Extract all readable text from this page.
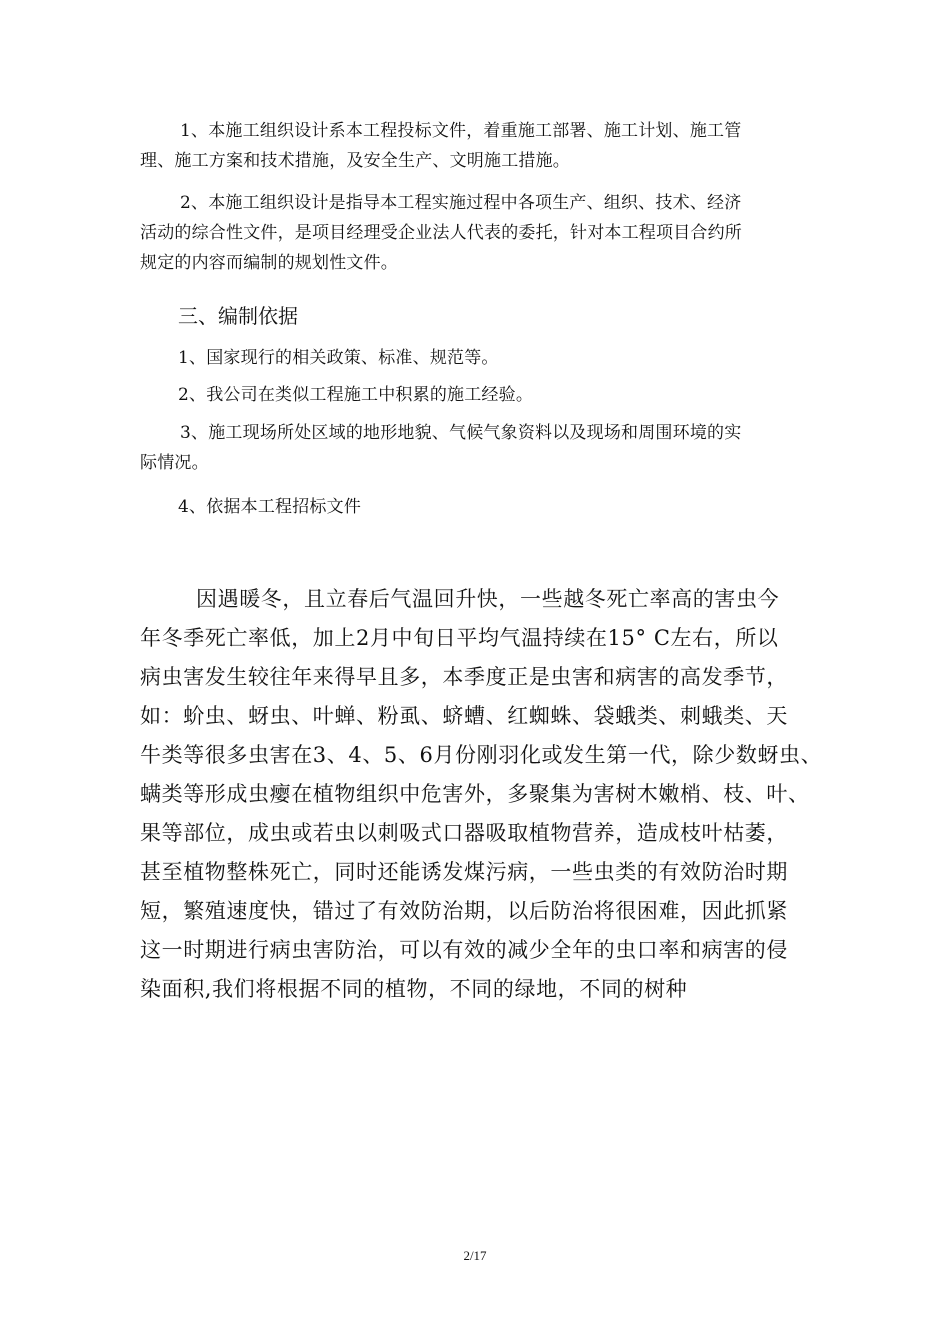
1、本施工组织设计系本工程投标文件，着重施工部署、施工计划、施工管
理、施工方案和技术措施，及安全生产、文明施工措施。

2、本施工组织设计是指导本工程实施过程中各项生产、组织、技术、经济
活动的综合性文件，是项目经理受企业法人代表的委托，针对本工程项目合约所
规定的内容而编制的规划性文件。

三、编制依据

1、国家现行的相关政策、标准、规范等。

2、我公司在类似工程施工中积累的施工经验。

3、施工现场所处区域的地形地貌、气候气象资料以及现场和周围环境的实
际情况。

4、依据本工程招标文件

因遇暖冬，且立春后气温回升快，一些越冬死亡率高的害虫今
年冬季死亡率低，加上2月中旬日平均气温持续在15° C左右，所以
病虫害发生较往年来得早且多，本季度正是虫害和病害的高发季节，
如：蚧虫、蚜虫、叶蝉、粉虱、蛴螬、红蜘蛛、袋蛾类、刺蛾类、天
牛类等很多虫害在3、4、5、6月份刚羽化或发生第一代，除少数蚜虫、
螨类等形成虫瘿在植物组织中危害外，多聚集为害树木嫩梢、枝、叶、
果等部位，成虫或若虫以刺吸式口器吸取植物营养，造成枝叶枯萎，
甚至植物整株死亡，同时还能诱发煤污病，一些虫类的有效防治时期
短，繁殖速度快，错过了有效防治期，以后防治将很困难，因此抓紧
这一时期进行病虫害防治，可以有效的减少全年的虫口率和病害的侵
染面积,我们将根据不同的植物，不同的绿地，不同的树种
2/17
